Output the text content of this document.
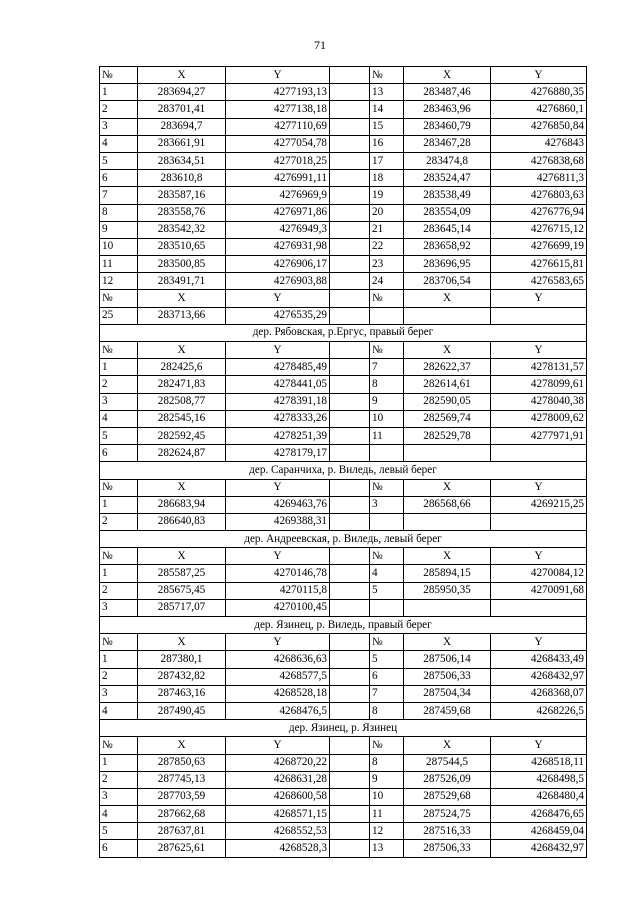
71
№	X	Y		№	X	Y
1	283694,27	4277193,13		13	283487,46	4276880,35
2	283701,41	4277138,18		14	283463,96	4276860,1
3	283694,7	4277110,69		15	283460,79	4276850,84
4	283661,91	4277054,78		16	283467,28	4276843
5	283634,51	4277018,25		17	283474,8	4276838,68
6	283610,8	4276991,11		18	283524,47	4276811,3
7	283587,16	4276969,9		19	283538,49	4276803,63
8	283558,76	4276971,86		20	283554,09	4276776,94
9	283542,32	4276949,3		21	283645,14	4276715,12
10	283510,65	4276931,98		22	283658,92	4276699,19
11	283500,85	4276906,17		23	283696,95	4276615,81
12	283491,71	4276903,88		24	283706,54	4276583,65
№	X	Y		№	X	Y
25	283713,66	4276535,29				
дер. Рябовская, р.Ергус, правый берег						
№	X	Y		№	X	Y
1	282425,6	4278485,49		7	282622,37	4278131,57
2	282471,83	4278441,05		8	282614,61	4278099,61
3	282508,77	4278391,18		9	282590,05	4278040,38
4	282545,16	4278333,26		10	282569,74	4278009,62
5	282592,45	4278251,39		11	282529,78	4277971,91
6	282624,87	4278179,17				
дер. Саранчиха, р. Виледь, левый берег						
№	X	Y		№	X	Y
1	286683,94	4269463,76		3	286568,66	4269215,25
2	286640,83	4269388,31				
дер. Андреевская, р. Виледь, левый берег						
№	X	Y		№	X	Y
1	285587,25	4270146,78		4	285894,15	4270084,12
2	285675,45	4270115,8		5	285950,35	4270091,68
3	285717,07	4270100,45				
дер. Язинец, р. Виледь, правый берег						
№	X	Y		№	X	Y
1	287380,1	4268636,63		5	287506,14	4268433,49
2	287432,82	4268577,5		6	287506,33	4268432,97
3	287463,16	4268528,18		7	287504,34	4268368,07
4	287490,45	4268476,5		8	287459,68	4268226,5
дер. Язинец, р. Язинец						
№	X	Y		№	X	Y
1	287850,63	4268720,22		8	287544,5	4268518,11
2	287745,13	4268631,28		9	287526,09	4268498,5
3	287703,59	4268600,58		10	287529,68	4268480,4
4	287662,68	4268571,15		11	287524,75	4268476,65
5	287637,81	4268552,53		12	287516,33	4268459,04
6	287625,61	4268528,3		13	287506,33	4268432,97
